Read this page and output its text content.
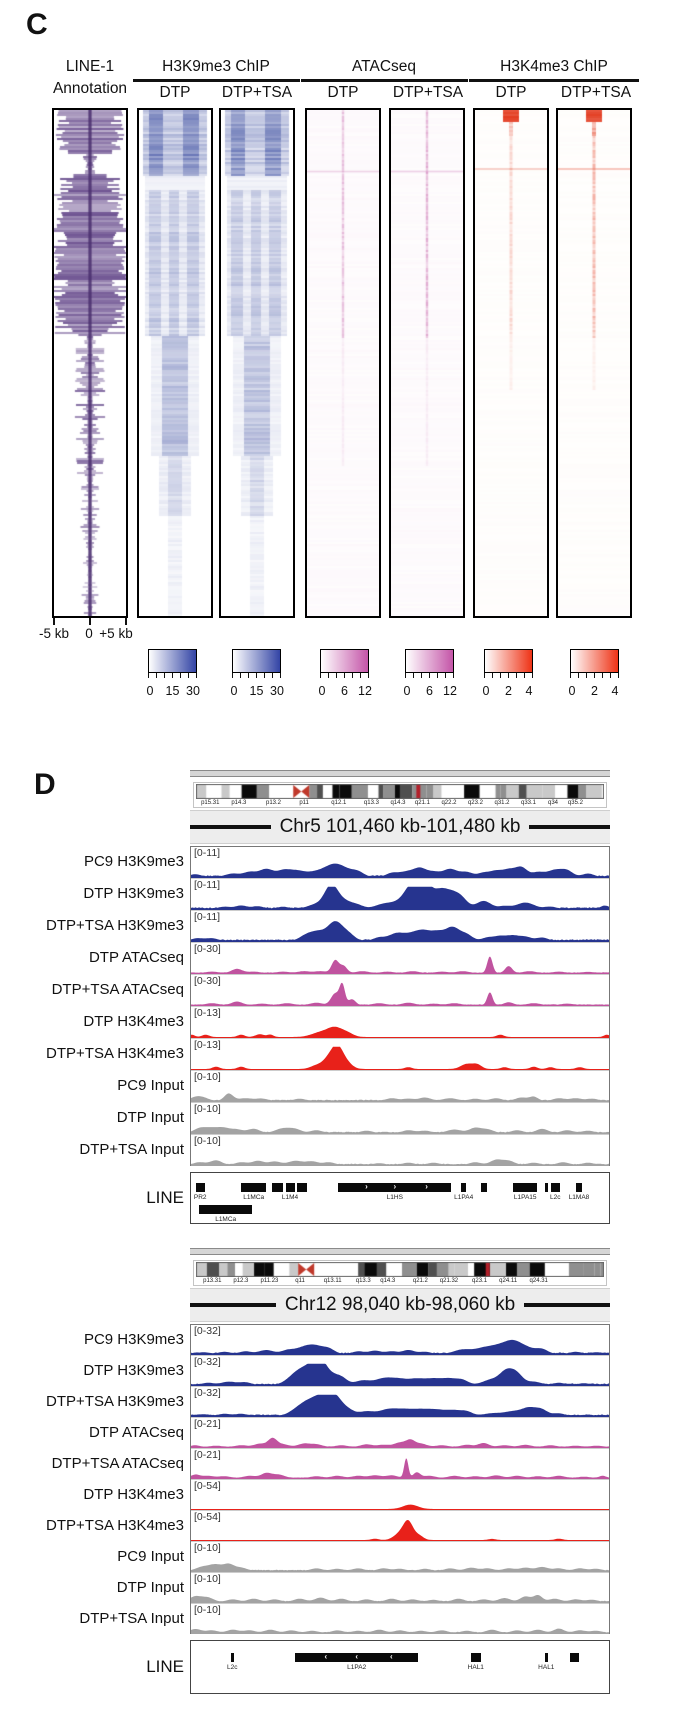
C
LINE-1
Annotation
H3K9me3 ChIP
DTP	DTP+TSA
ATACseq
DTP	DTP+TSA
H3K4me3 ChIP
DTP	DTP+TSA
-5 kb	0 +5 kb
0 15 30 0 15 30	0 6 12	0 6 12 0 2 4	0 2 4
D
p15.31 p14.3	p13.2	p11	q12.1	q13.3 q14.3 q21.1 q22.2 q23.2 q31.2 q33.1 q34 q35.2
Chr5 101,460 kb-101,480 kb
[0-11]
[0-11]
[0-11]
[0-30]
[0-30]
[0-13]
[0-13]
[0-10]
[0-10]
[0-10]
PR2	L1MCa	L1M4
›	›	›
L1HS	L1PA4	L1PA15 L2c L1MA8
L1MCa
p13.31 p12.3 p11.23	q11	q13.11 q13.3 q14.3	q21.2 q21.32 q23.1 q24.11 q24.31
Chr12 98,040 kb-98,060 kb
[0-32]
[0-32]
[0-32]
[0-21]
[0-21]
[0-54]
[0-54]
[0-10]
[0-10]
[0-10]
L2c
‹	‹	‹
L1PA2	HAL1	HAL1
PC9 H3K9me3
DTP H3K9me3
DTP+TSA H3K9me3
DTP ATACseq
DTP+TSA ATACseq
DTP H3K4me3
DTP+TSA H3K4me3
PC9 Input
DTP Input
DTP+TSA Input
LINE
PC9 H3K9me3
DTP H3K9me3
DTP+TSA H3K9me3
DTP ATACseq
DTP+TSA ATACseq
DTP H3K4me3
DTP+TSA H3K4me3
PC9 Input
DTP Input
DTP+TSA Input
LINE
